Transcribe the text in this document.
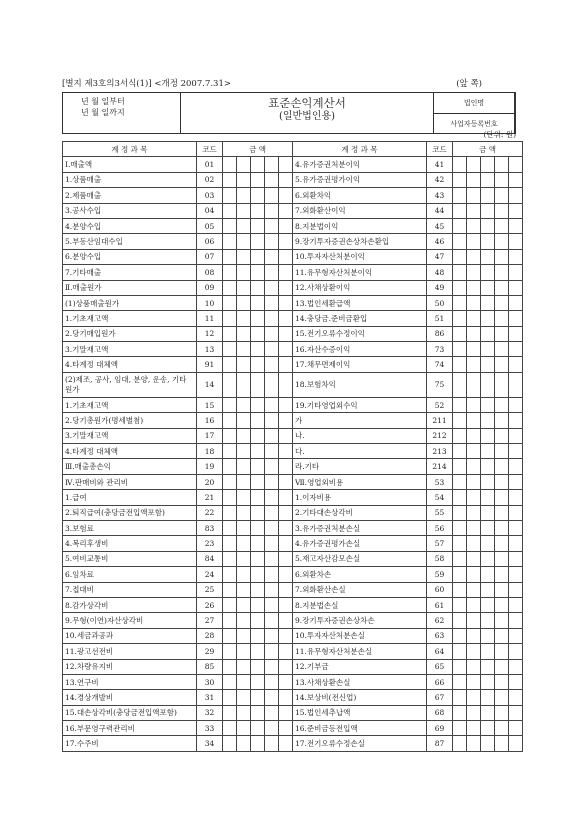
[별지 제3호의3서식(1)] <개정 2007.7.31>	(앞 쪽)
년 월 일부터
년 월 일까지
표준손익계산서
(일반법인용)
법인명
사업자등록번호
(단위: 원)
계 정 과 목	코드	금 액					계 정 과 목	코드	금 액				
Ⅰ.매출액	01						4.유가증권처분이익	41					
1.상품매출	02						5.유가증권평가이익	42					
2.제품매출	03						6.외환차익	43					
3.공사수입	04						7.외화환산이익	44					
4.분양수입	05						8.지분법이익	45					
5.부동산임대수입	06						9.장기투자증권손상차손환입	46					
6.분양수입	07						10.투자자산처분이익	47					
7.기타매출	08						11.유무형자산처분이익	48					
Ⅱ.매출원가	09						12.사채상환이익	49					
(1)상품매출원가	10						13.법인세환급액	50					
1.기초재고액	11						14.충당금.준비금환입	51					
2.당기매입원가	12						15.전기오류수정이익	86					
3.기말재고액	13						16.자산수증이익	73					
4.타계정 대체액	91						17.채무면제이익	74					
(2)제조, 공사, 임대, 분양, 운송, 기타 원가	14						18.보험차익	75					
1.기초재고액	15						19.기타영업외수익	52					
2.당기총원가(명세별첨)	16						가	211					
3.기말재고액	17						나.	212					
4.타계정 대체액	18						다.	213					
Ⅲ.매출총손익	19						라.기타	214					
Ⅳ.판매비와 관리비	20						Ⅶ.영업외비용	53					
1.급여	21						1.이자비용	54					
2.퇴직급여(충당금전입액포함)	22						2.기타대손상각비	55					
3.보험료	83						3.유가증권처분손실	56					
4.복리후생비	23						4.유가증권평가손실	57					
5.여비교통비	84						5.재고자산감모손실	58					
6.임차료	24						6.외환차손	59					
7.접대비	25						7.외화환산손실	60					
8.감가상각비	26						8.지분법손실	61					
9.무형(이연)자산상각비	27						9.장기투자증권손상차손	62					
10.세금과공과	28						10.투자자산처분손실	63					
11.광고선전비	29						11.유무형자산처분손실	64					
12.차량유지비	85						12.기부금	65					
13.연구비	30						13.사채상환손실	66					
14.경상개발비	31						14.보상비(전신업)	67					
15.대손상각비(충당금전입액포함)	32						15.법인세추납액	68					
16.부문영구력관리비	33						16.준비금등전입액	69					
17.수주비	34						17.전기오류수정손실	87					
